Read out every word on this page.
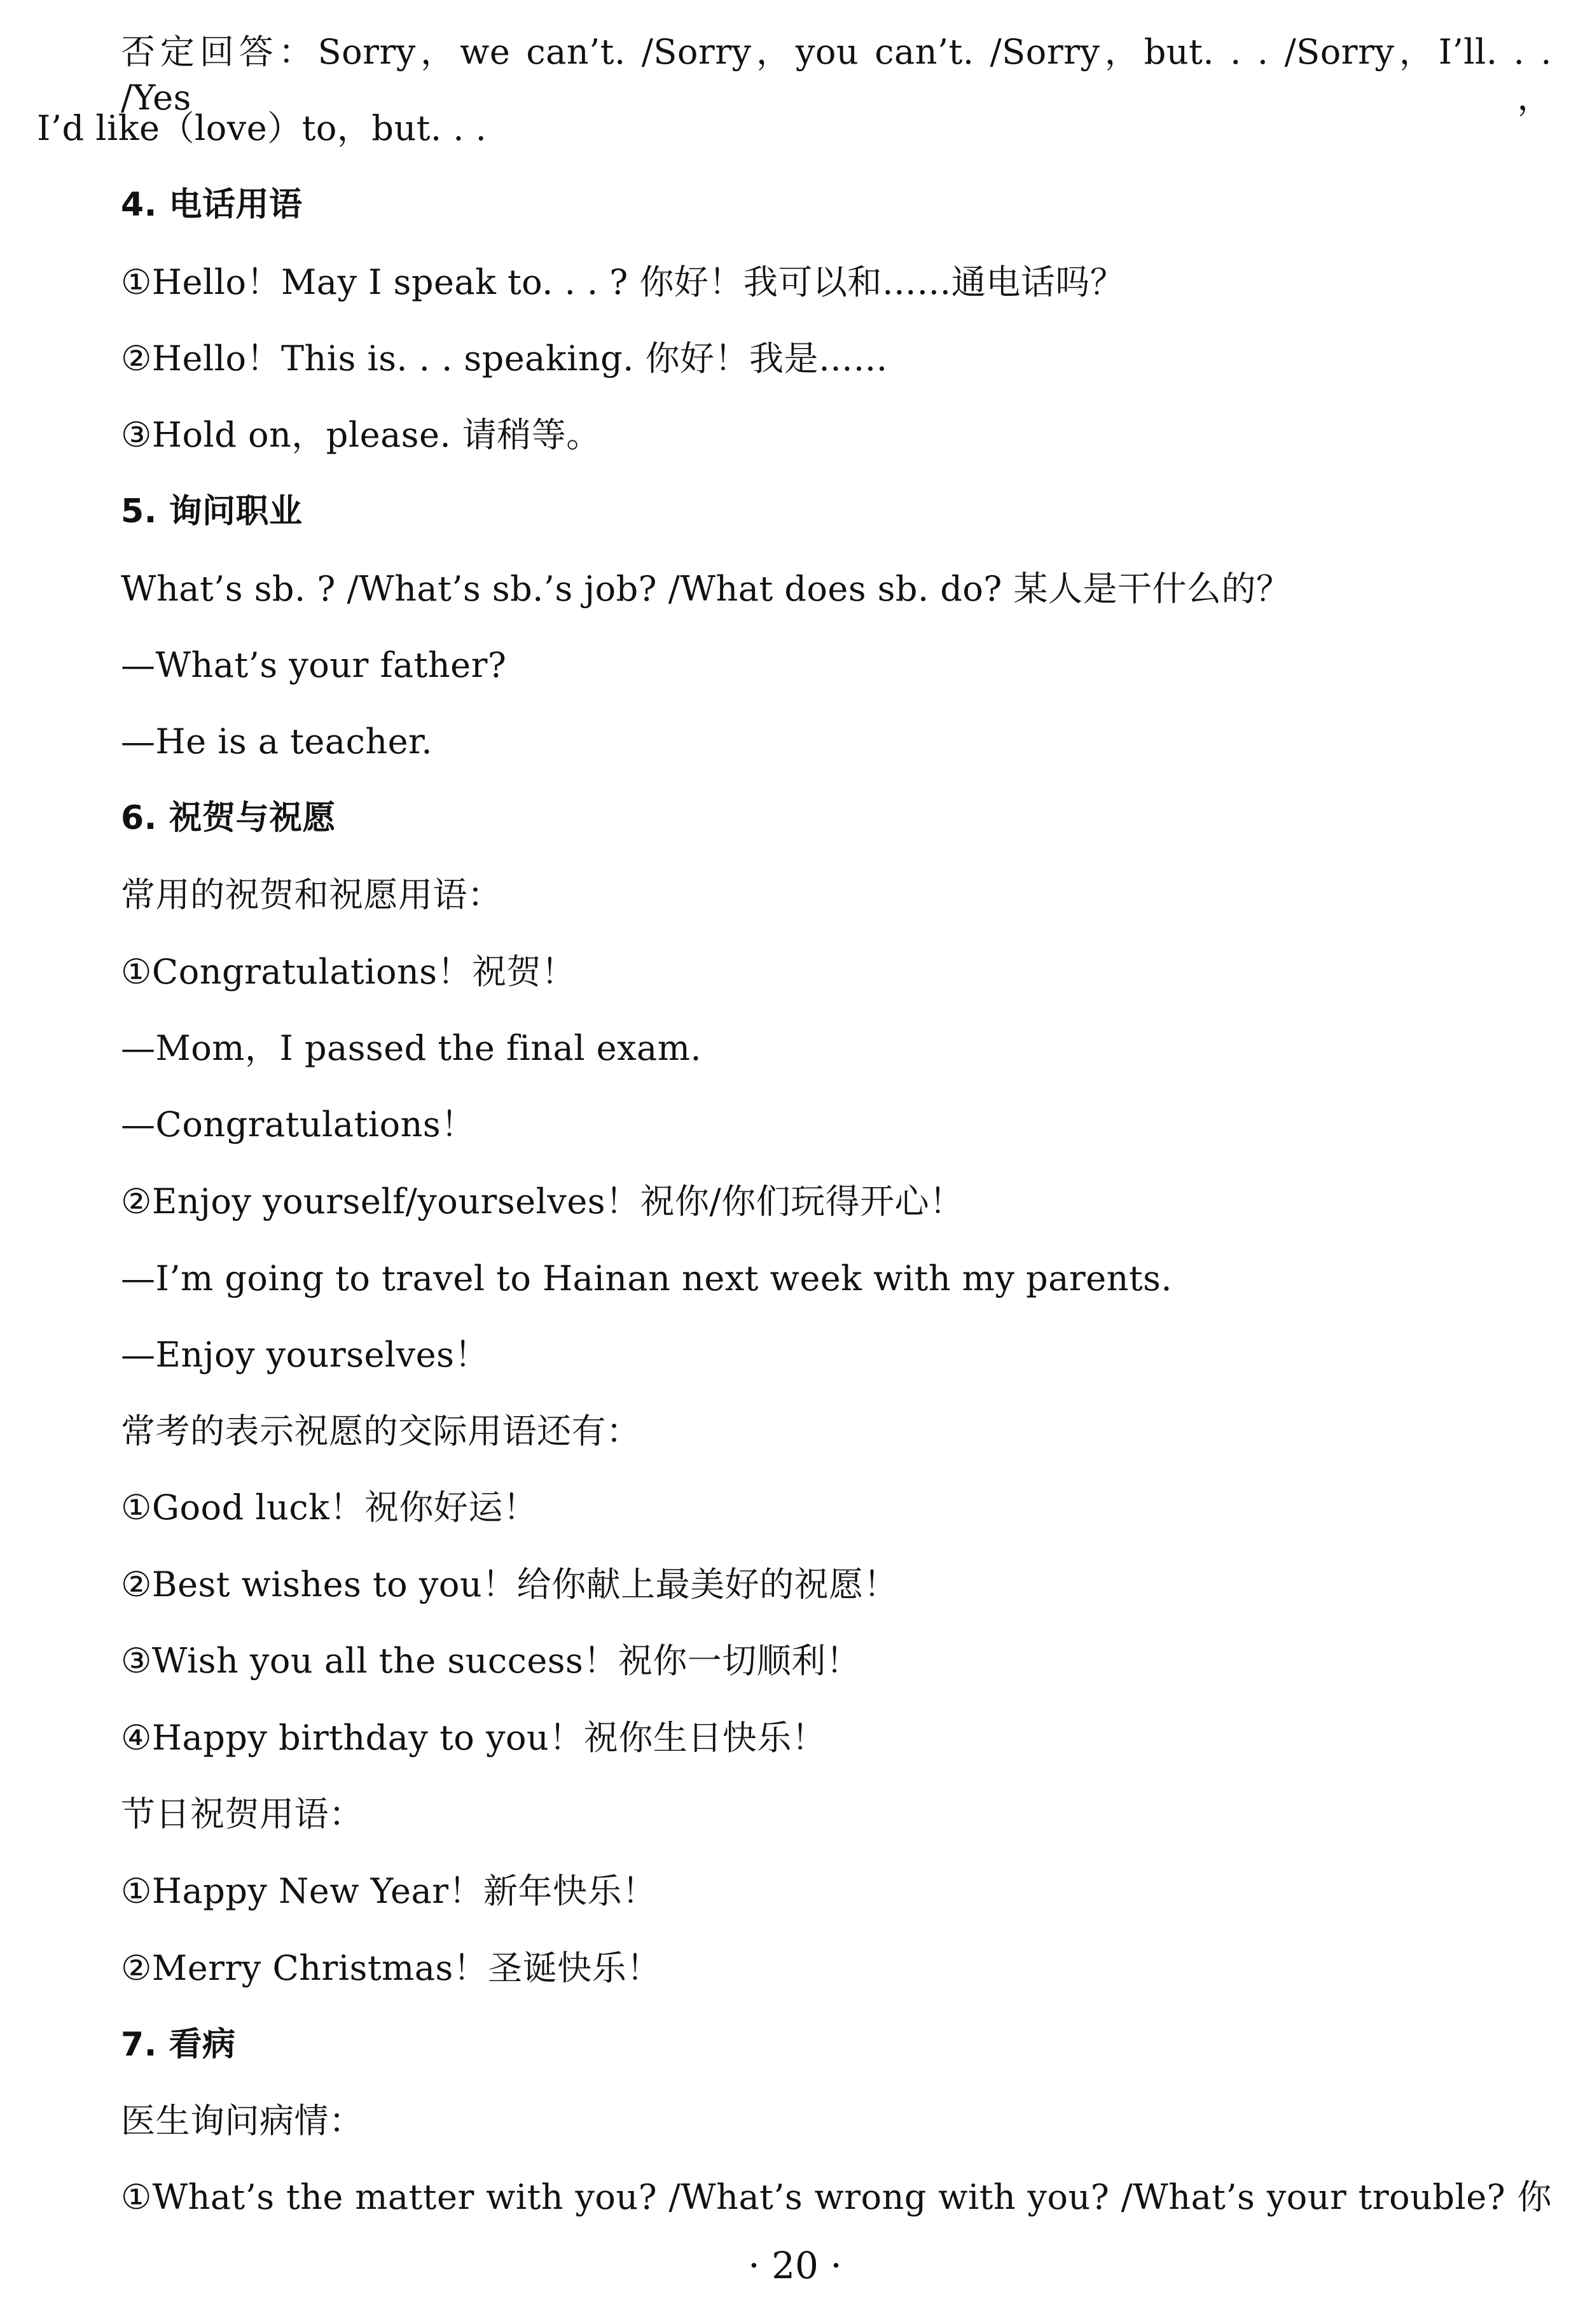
否定回答：Sorry，we can’t. /Sorry，you can’t. /Sorry，but. . . /Sorry，I’ll. . . /Yes，
I’d like（love）to，but. . .
4. 电话用语
①Hello！May I speak to. . . ? 你好！我可以和……通电话吗？
②Hello！This is. . . speaking. 你好！我是……
③Hold on，please. 请稍等。
5. 询问职业
What’s sb. ? /What’s sb.’s job? /What does sb. do? 某人是干什么的？
—What’s your father?
—He is a teacher.
6. 祝贺与祝愿
常用的祝贺和祝愿用语：
①Congratulations！祝贺！
—Mom，I passed the final exam.
—Congratulations！
②Enjoy yourself/yourselves！祝你/你们玩得开心！
—I’m going to travel to Hainan next week with my parents.
—Enjoy yourselves！
常考的表示祝愿的交际用语还有：
①Good luck！祝你好运！
②Best wishes to you！给你献上最美好的祝愿！
③Wish you all the success！祝你一切顺利！
④Happy birthday to you！祝你生日快乐！
节日祝贺用语：
①Happy New Year！新年快乐！
②Merry Christmas！圣诞快乐！
7. 看病
医生询问病情：
①What’s the matter with you? /What’s wrong with you? /What’s your trouble? 你
· 20 ·
